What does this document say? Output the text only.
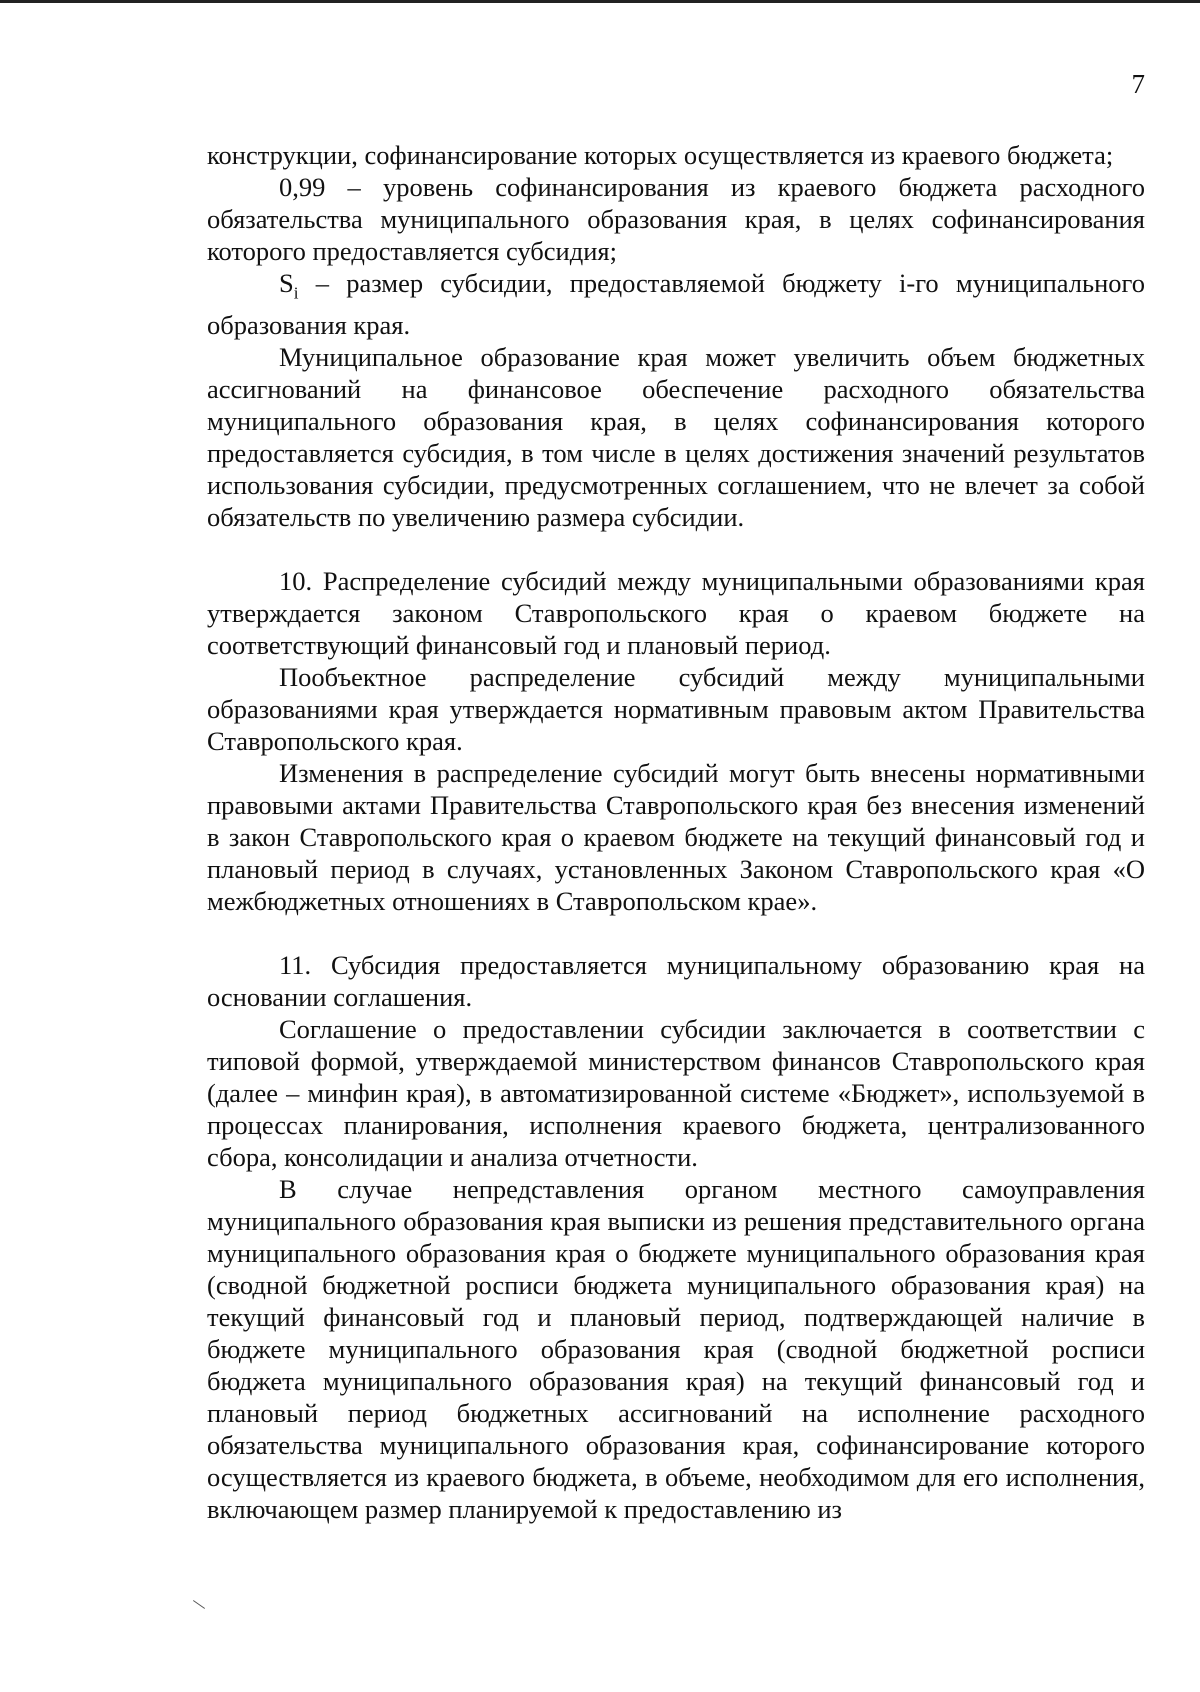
7

конструкции, софинансирование которых осуществляется из краевого бюджета;

0,99 – уровень софинансирования из краевого бюджета расходного обязательства муниципального образования края, в целях софинансирования которого предоставляется субсидия;

$S_i$ – размер субсидии, предоставляемой бюджету i-го муниципального образования края.

Муниципальное образование края может увеличить объем бюджетных ассигнований на финансовое обеспечение расходного обязательства муниципального образования края, в целях софинансирования которого предоставляется субсидия, в том числе в целях достижения значений результатов использования субсидии, предусмотренных соглашением, что не влечет за собой обязательств по увеличению размера субсидии.

10. Распределение субсидий между муниципальными образованиями края утверждается законом Ставропольского края о краевом бюджете на соответствующий финансовый год и плановый период.

Пообъектное распределение субсидий между муниципальными образованиями края утверждается нормативным правовым актом Правительства Ставропольского края.

Изменения в распределение субсидий могут быть внесены нормативными правовыми актами Правительства Ставропольского края без внесения изменений в закон Ставропольского края о краевом бюджете на текущий финансовый год и плановый период в случаях, установленных Законом Ставропольского края «О межбюджетных отношениях в Ставропольском крае».

11. Субсидия предоставляется муниципальному образованию края на основании соглашения.

Соглашение о предоставлении субсидии заключается в соответствии с типовой формой, утверждаемой министерством финансов Ставропольского края (далее – минфин края), в автоматизированной системе «Бюджет», используемой в процессах планирования, исполнения краевого бюджета, централизованного сбора, консолидации и анализа отчетности.

В случае непредставления органом местного самоуправления муниципального образования края выписки из решения представительного органа муниципального образования края о бюджете муниципального образования края (сводной бюджетной росписи бюджета муниципального образования края) на текущий финансовый год и плановый период, подтверждающей наличие в бюджете муниципального образования края (сводной бюджетной росписи бюджета муниципального образования края) на текущий финансовый год и плановый период бюджетных ассигнований на исполнение расходного обязательства муниципального образования края, софинансирование которого осуществляется из краевого бюджета, в объеме, необходимом для его исполнения, включающем размер планируемой к предоставлению из
